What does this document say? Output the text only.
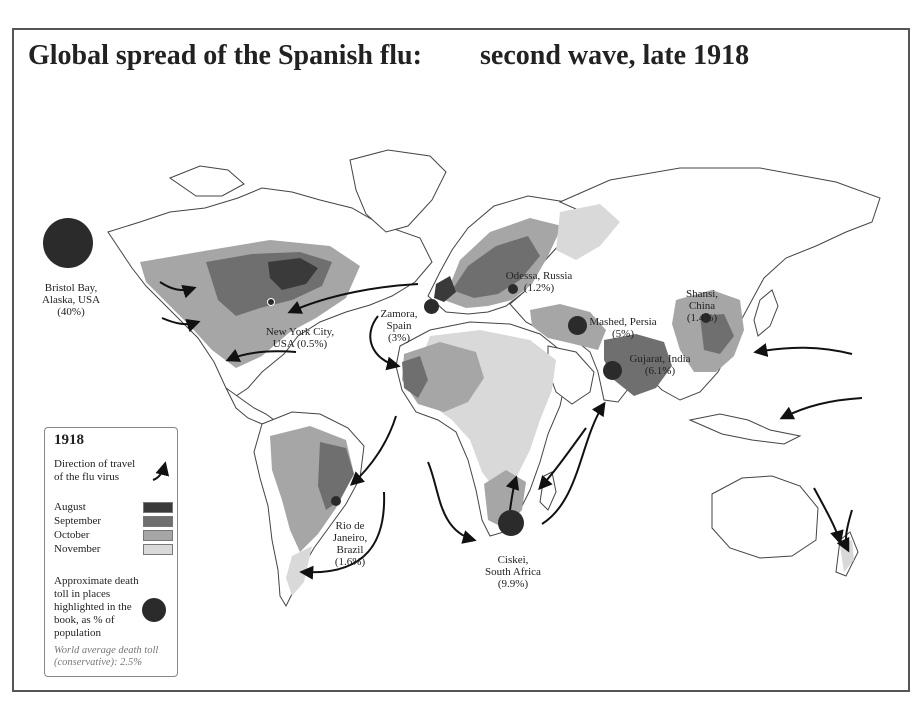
Global spread of the Spanish flu: second wave, late 1918

Bristol Bay,
Alaska, USA
(40%)

New York City,
USA (0.5%)

Zamora,
Spain
(3%)

Odessa, Russia
(1.2%)

Mashed, Persia
(5%)

Shansi,
China
(1.4%)

Gujarat, India
(6.1%)

Rio de
Janeiro,
Brazil
(1.6%)	Ciskei,
South Africa
(9.9%)

1918
Direction of travel of the flu virus
August
September
October
November
Approximate death toll in places highlighted in the book, as % of population
World average death toll (conservative): 2.5%
